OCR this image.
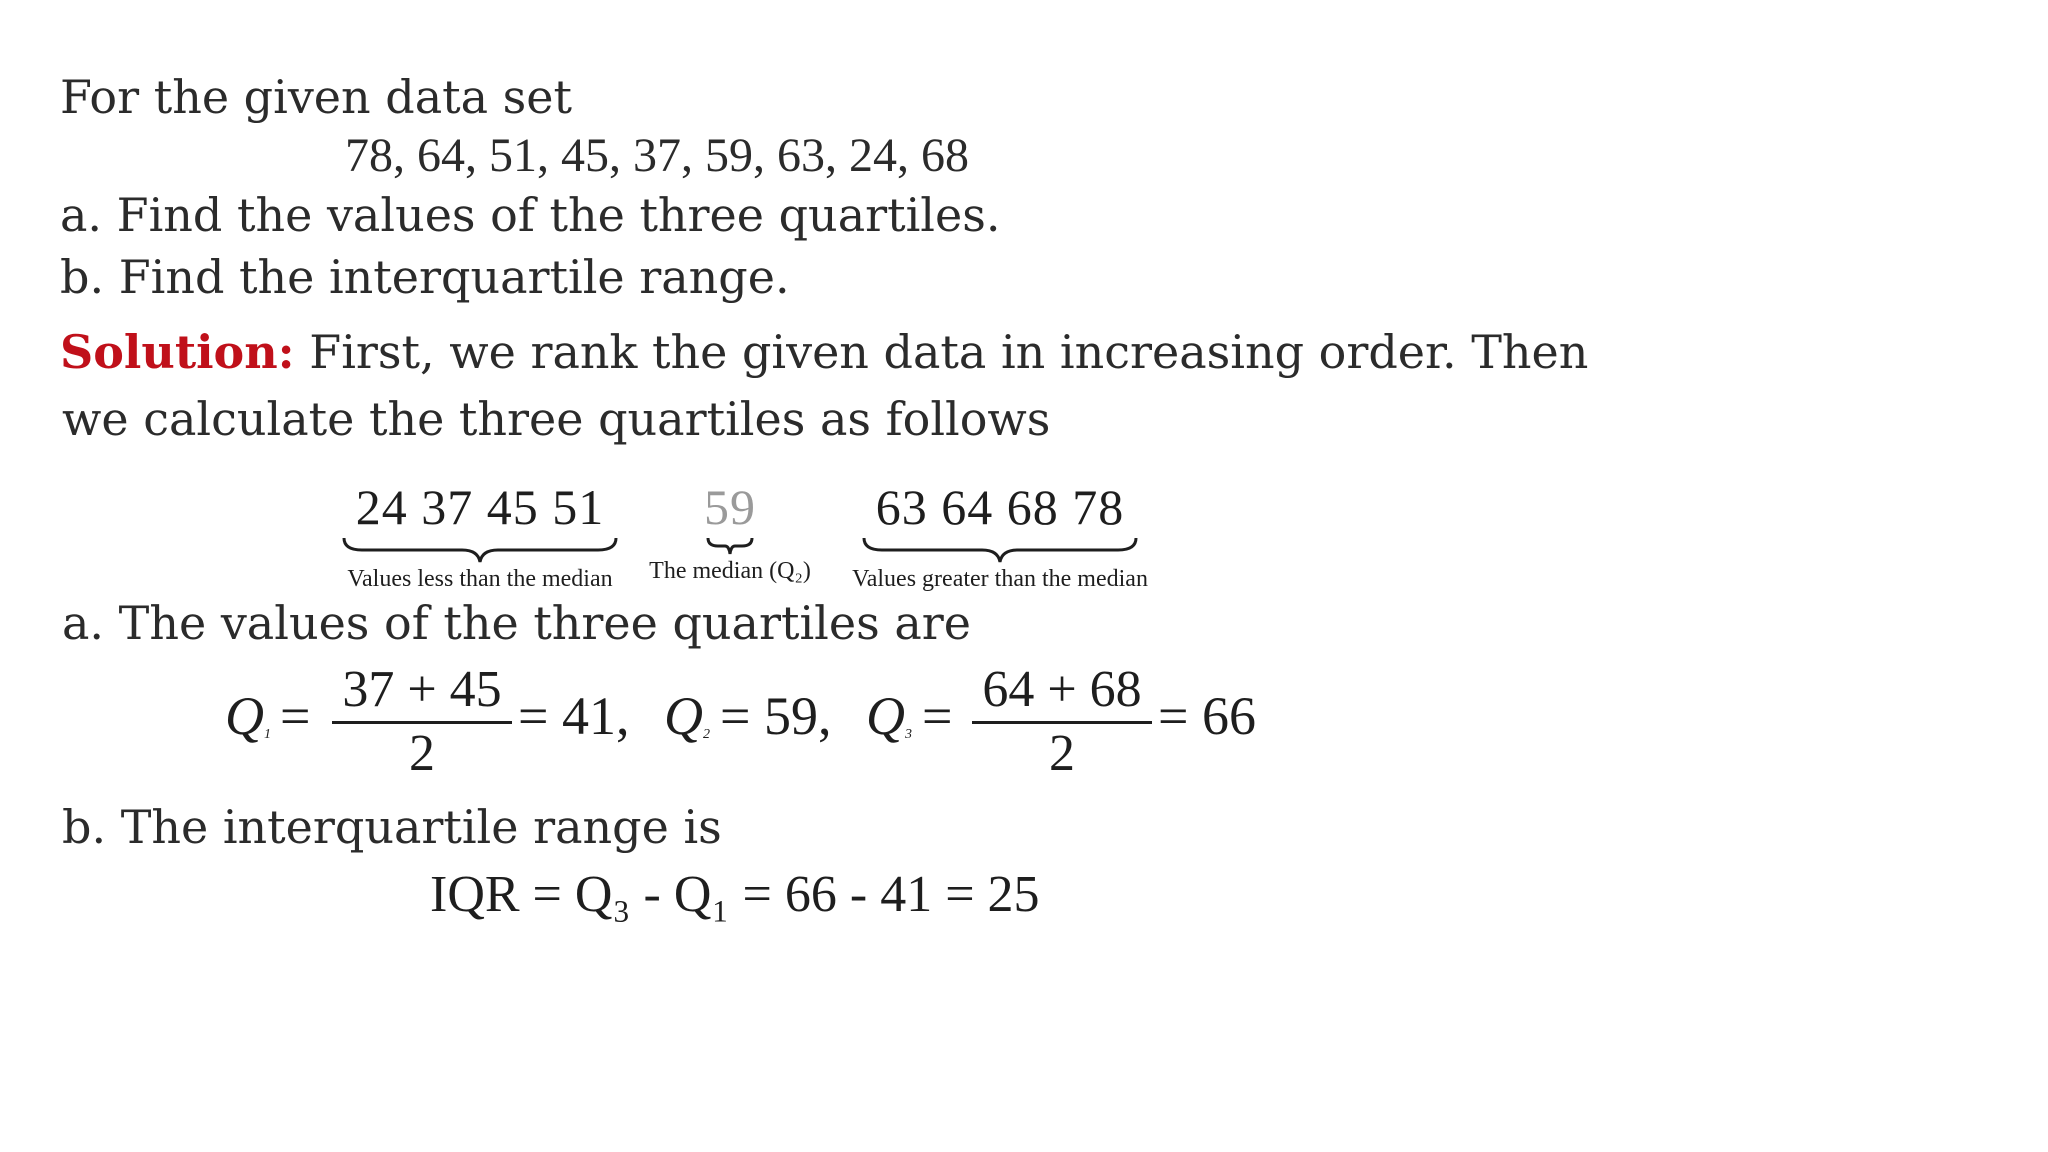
For the given data set
78, 64, 51, 45, 37, 59, 63, 24, 68
a. Find the values of the three quartiles.
b. Find the interquartile range.
Solution: First, we rank the given data in increasing order. Then
we calculate the three quartiles as follows
24 37 45 51
Values less than the median
59
The median (Q₂)
63 64 68 78
Values greater than the median
a. The values of the three quartiles are
$Q_1 = \frac{37 + 45}{2} = 41$, $Q_2 = 59$, $Q_3 = \frac{64 + 68}{2} = 66$
b. The interquartile range is
IQR = Q₃ - Q₁ = 66 - 41 = 25
